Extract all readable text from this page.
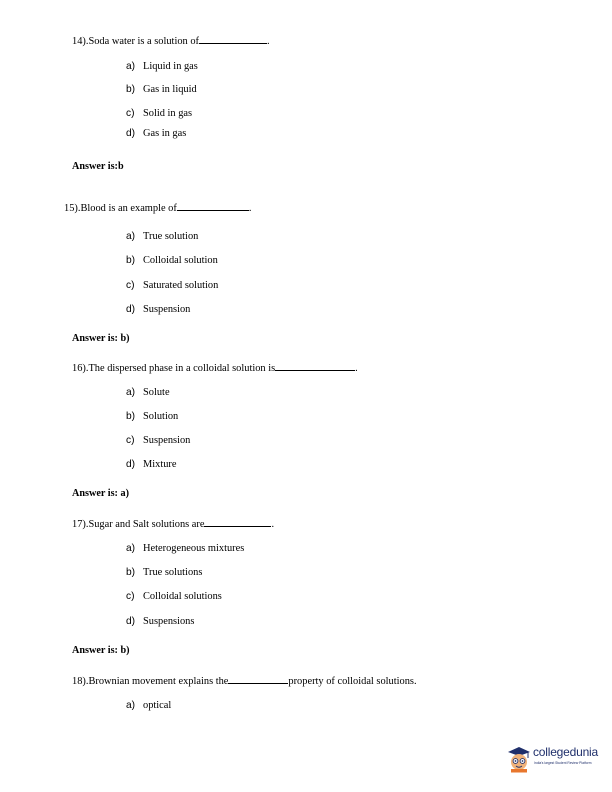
14).Soda water is a solution of	.
a) Liquid in gas
b) Gas in liquid
c) Solid in gas
d) Gas in gas
Answer is:b
15).Blood is an example of	.
a) True solution
b) Colloidal solution
c) Saturated solution
d) Suspension
Answer is: b)
16).The dispersed phase in a colloidal solution is	.
a) Solute
b) Solution
c) Suspension
d) Mixture
Answer is: a)
17).Sugar and Salt solutions are	.
a) Heterogeneous mixtures
b) True solutions
c) Colloidal solutions
d) Suspensions
Answer is: b)
18).Brownian movement explains the	property of colloidal solutions.
a) optical
collegedunia
India's largest Student Review Platform
